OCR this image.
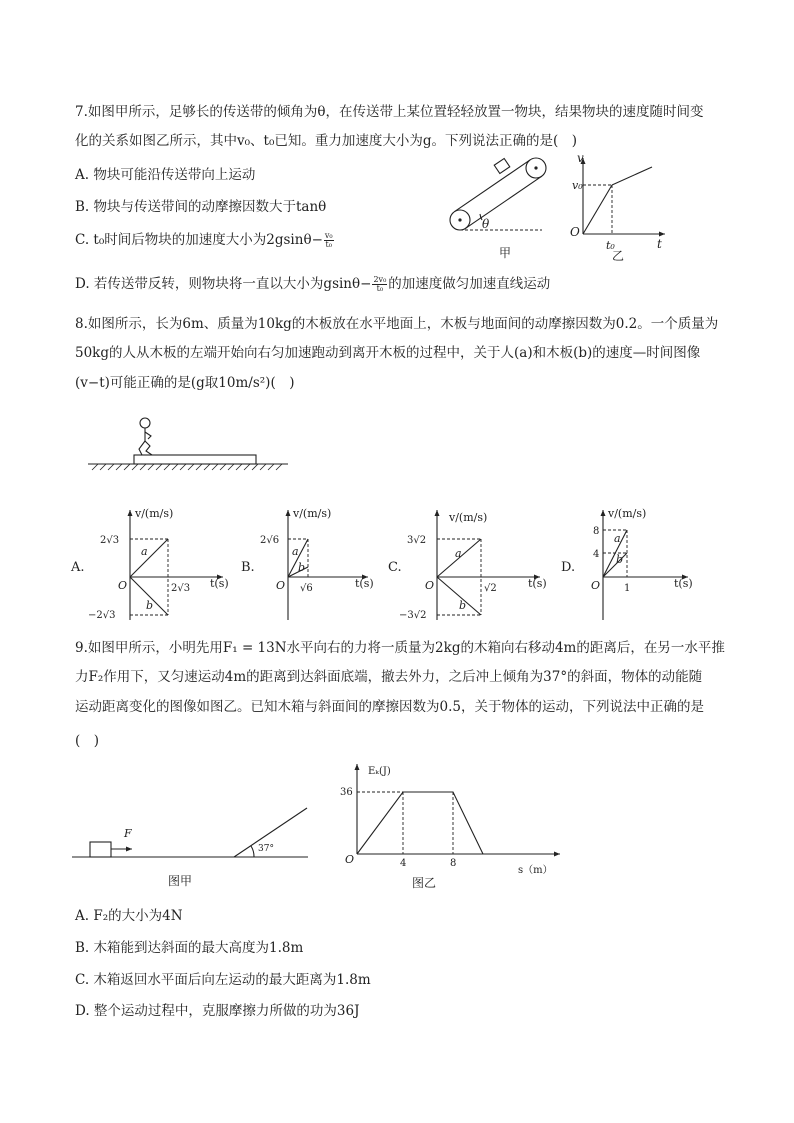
7.如图甲所示，足够长的传送带的倾角为θ，在传送带上某位置轻轻放置一物块，结果物块的速度随时间变
化的关系如图乙所示，其中v₀、t₀已知。重力加速度大小为g。下列说法正确的是(　)
A. 物块可能沿传送带向上运动
B. 物块与传送带间的动摩擦因数大于tanθ
C. t₀时间后物块的加速度大小为$2gsin\theta- \frac{\text{v₀}}{\text{t₀}}$
D. 若传送带反转，则物块将一直以大小为$gsin\theta- \frac{\text{2v₀}}{\text{t₀}}$ 的加速度做匀加速直线运动
θ
甲
v
t
O
v₀
t₀
乙
8.如图所示，长为6m、质量为10kg的木板放在水平地面上，木板与地面间的动摩擦因数为0.2。一个质量为
50kg的人从木板的左端开始向右匀加速跑动到离开木板的过程中，关于人(a)和木板(b)的速度—时间图像
(v−t)可能正确的是(g取10m/s²)(　)
A.
v/(m/s)
t(s)
O
2√3
−2√3
2√3
a
b
B.
v/(m/s)
t(s)
O
2√6
√6
a
b	C.
v/(m/s)
t(s)
O
3√2
−3√2
√2
a
b
D.
v/(m/s)
t(s)
O
8
4
1
a
b
9.如图甲所示，小明先用F₁ = 13N水平向右的力将一质量为2kg的木箱向右移动4m的距离后，在另一水平推
力F₂作用下，又匀速运动4m的距离到达斜面底端，撤去外力，之后冲上倾角为37°的斜面，物体的动能随
运动距离变化的图像如图乙。已知木箱与斜面间的摩擦因数为0.5，关于物体的运动，下列说法中正确的是
(　)
F
37°
图甲
Eₖ(J)
s（m）
O
36
4	8
图乙
A. F₂的大小为4N
B. 木箱能到达斜面的最大高度为1.8m
C. 木箱返回水平面后向左运动的最大距离为1.8m
D. 整个运动过程中，克服摩擦力所做的功为36J
